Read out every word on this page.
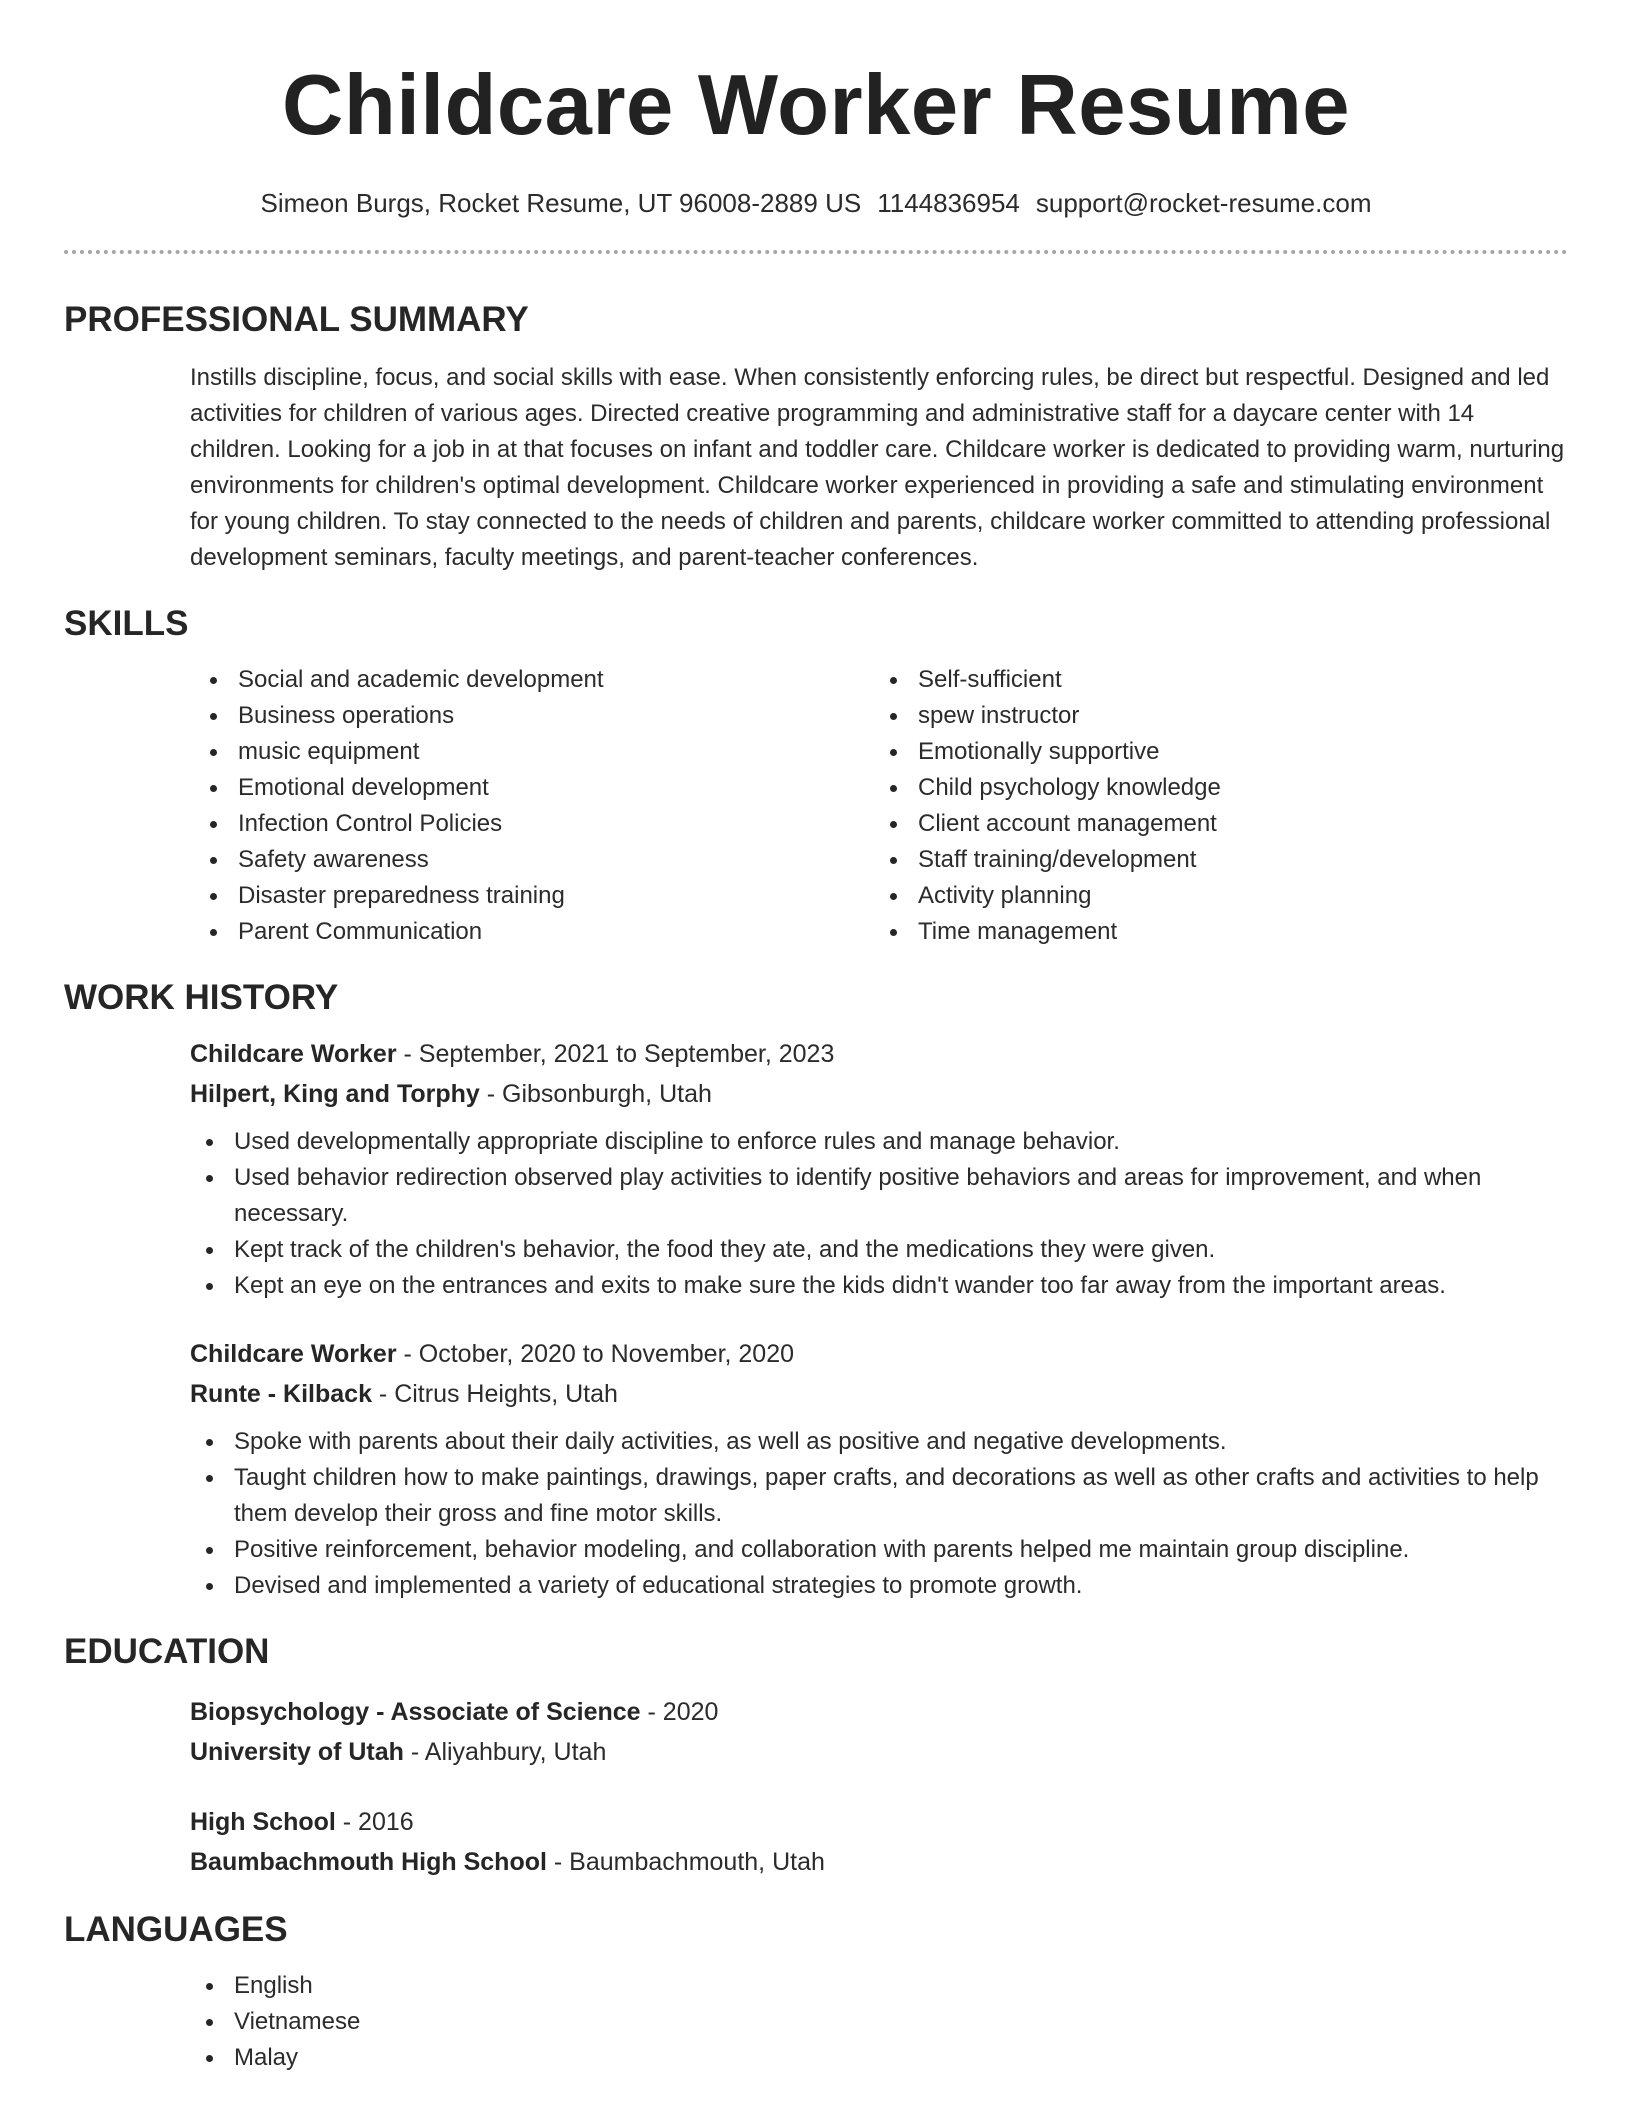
Childcare Worker Resume
Simeon Burgs, Rocket Resume, UT 96008-2889 US 1144836954 support@rocket-resume.com
PROFESSIONAL SUMMARY
Instills discipline, focus, and social skills with ease. When consistently enforcing rules, be direct but respectful. Designed and led activities for children of various ages. Directed creative programming and administrative staff for a daycare center with 14 children. Looking for a job in at that focuses on infant and toddler care. Childcare worker is dedicated to providing warm, nurturing environments for children's optimal development. Childcare worker experienced in providing a safe and stimulating environment for young children. To stay connected to the needs of children and parents, childcare worker committed to attending professional development seminars, faculty meetings, and parent-teacher conferences.
SKILLS
Social and academic development
Business operations
music equipment
Emotional development
Infection Control Policies
Safety awareness
Disaster preparedness training
Parent Communication
Self-sufficient
spew instructor
Emotionally supportive
Child psychology knowledge
Client account management
Staff training/development
Activity planning
Time management
WORK HISTORY
Childcare Worker - September, 2021 to September, 2023
Hilpert, King and Torphy - Gibsonburgh, Utah
Used developmentally appropriate discipline to enforce rules and manage behavior.
Used behavior redirection observed play activities to identify positive behaviors and areas for improvement, and when necessary.
Kept track of the children's behavior, the food they ate, and the medications they were given.
Kept an eye on the entrances and exits to make sure the kids didn't wander too far away from the important areas.
Childcare Worker - October, 2020 to November, 2020
Runte - Kilback - Citrus Heights, Utah
Spoke with parents about their daily activities, as well as positive and negative developments.
Taught children how to make paintings, drawings, paper crafts, and decorations as well as other crafts and activities to help them develop their gross and fine motor skills.
Positive reinforcement, behavior modeling, and collaboration with parents helped me maintain group discipline.
Devised and implemented a variety of educational strategies to promote growth.
EDUCATION
Biopsychology - Associate of Science - 2020
University of Utah - Aliyahbury, Utah
High School - 2016
Baumbachmouth High School - Baumbachmouth, Utah
LANGUAGES
English
Vietnamese
Malay
